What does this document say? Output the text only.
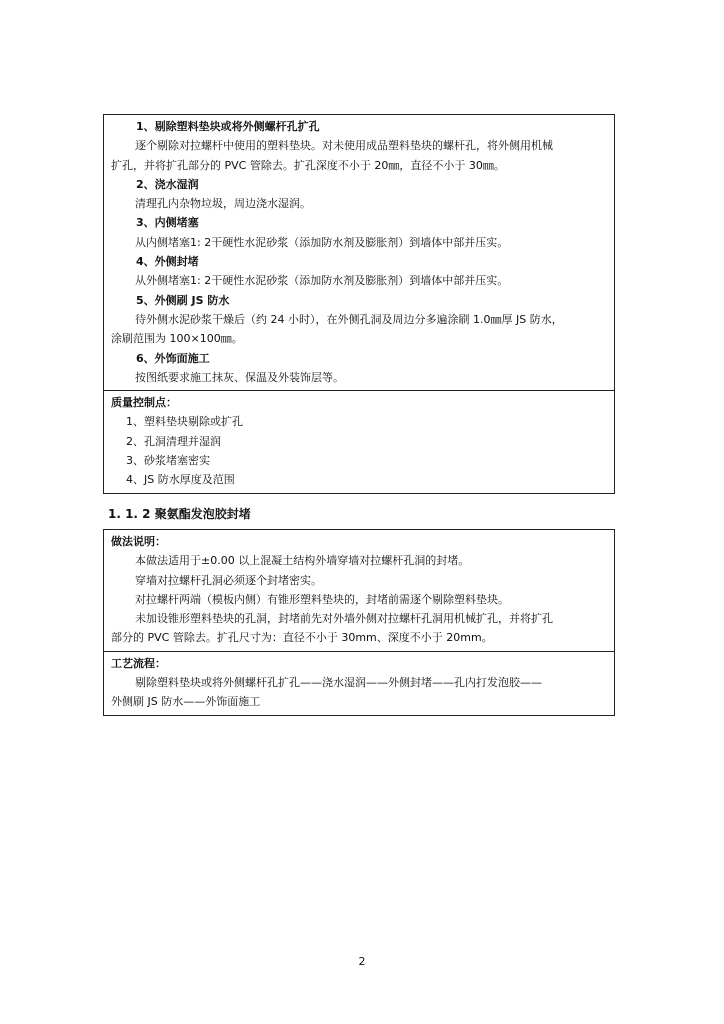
1、剔除塑料垫块或将外侧螺杆孔扩孔
逐个剔除对拉螺杆中使用的塑料垫块。对未使用成品塑料垫块的螺杆孔，将外侧用机械
扩孔，并将扩孔部分的 PVC 管除去。扩孔深度不小于 20㎜，直径不小于 30㎜。
2、浇水湿润
清理孔内杂物垃圾，周边浇水湿润。
3、内侧堵塞
从内侧堵塞1: 2干硬性水泥砂浆（添加防水剂及膨胀剂）到墙体中部并压实。
4、外侧封堵
从外侧堵塞1: 2干硬性水泥砂浆（添加防水剂及膨胀剂）到墙体中部并压实。
5、外侧刷 JS 防水
待外侧水泥砂浆干燥后（约 24 小时），在外侧孔洞及周边分多遍涂刷 1.0㎜厚 JS 防水，
涂刷范围为 100×100㎜。
6、外饰面施工
按图纸要求施工抹灰、保温及外装饰层等。
质量控制点：
1、塑料垫块剔除或扩孔
2、孔洞清理并湿润
3、砂浆堵塞密实
4、JS 防水厚度及范围
1. 1. 2 聚氨酯发泡胶封堵
做法说明：
本做法适用于±0.00 以上混凝土结构外墙穿墙对拉螺杆孔洞的封堵。
穿墙对拉螺杆孔洞必须逐个封堵密实。
对拉螺杆两端（模板内侧）有锥形塑料垫块的，封堵前需逐个剔除塑料垫块。
未加设锥形塑料垫块的孔洞，封堵前先对外墙外侧对拉螺杆孔洞用机械扩孔，并将扩孔
部分的 PVC 管除去。扩孔尺寸为：直径不小于 30mm、深度不小于 20mm。
工艺流程：
剔除塑料垫块或将外侧螺杆孔扩孔——浇水湿润——外侧封堵——孔内打发泡胶——
外侧刷 JS 防水——外饰面施工
2
